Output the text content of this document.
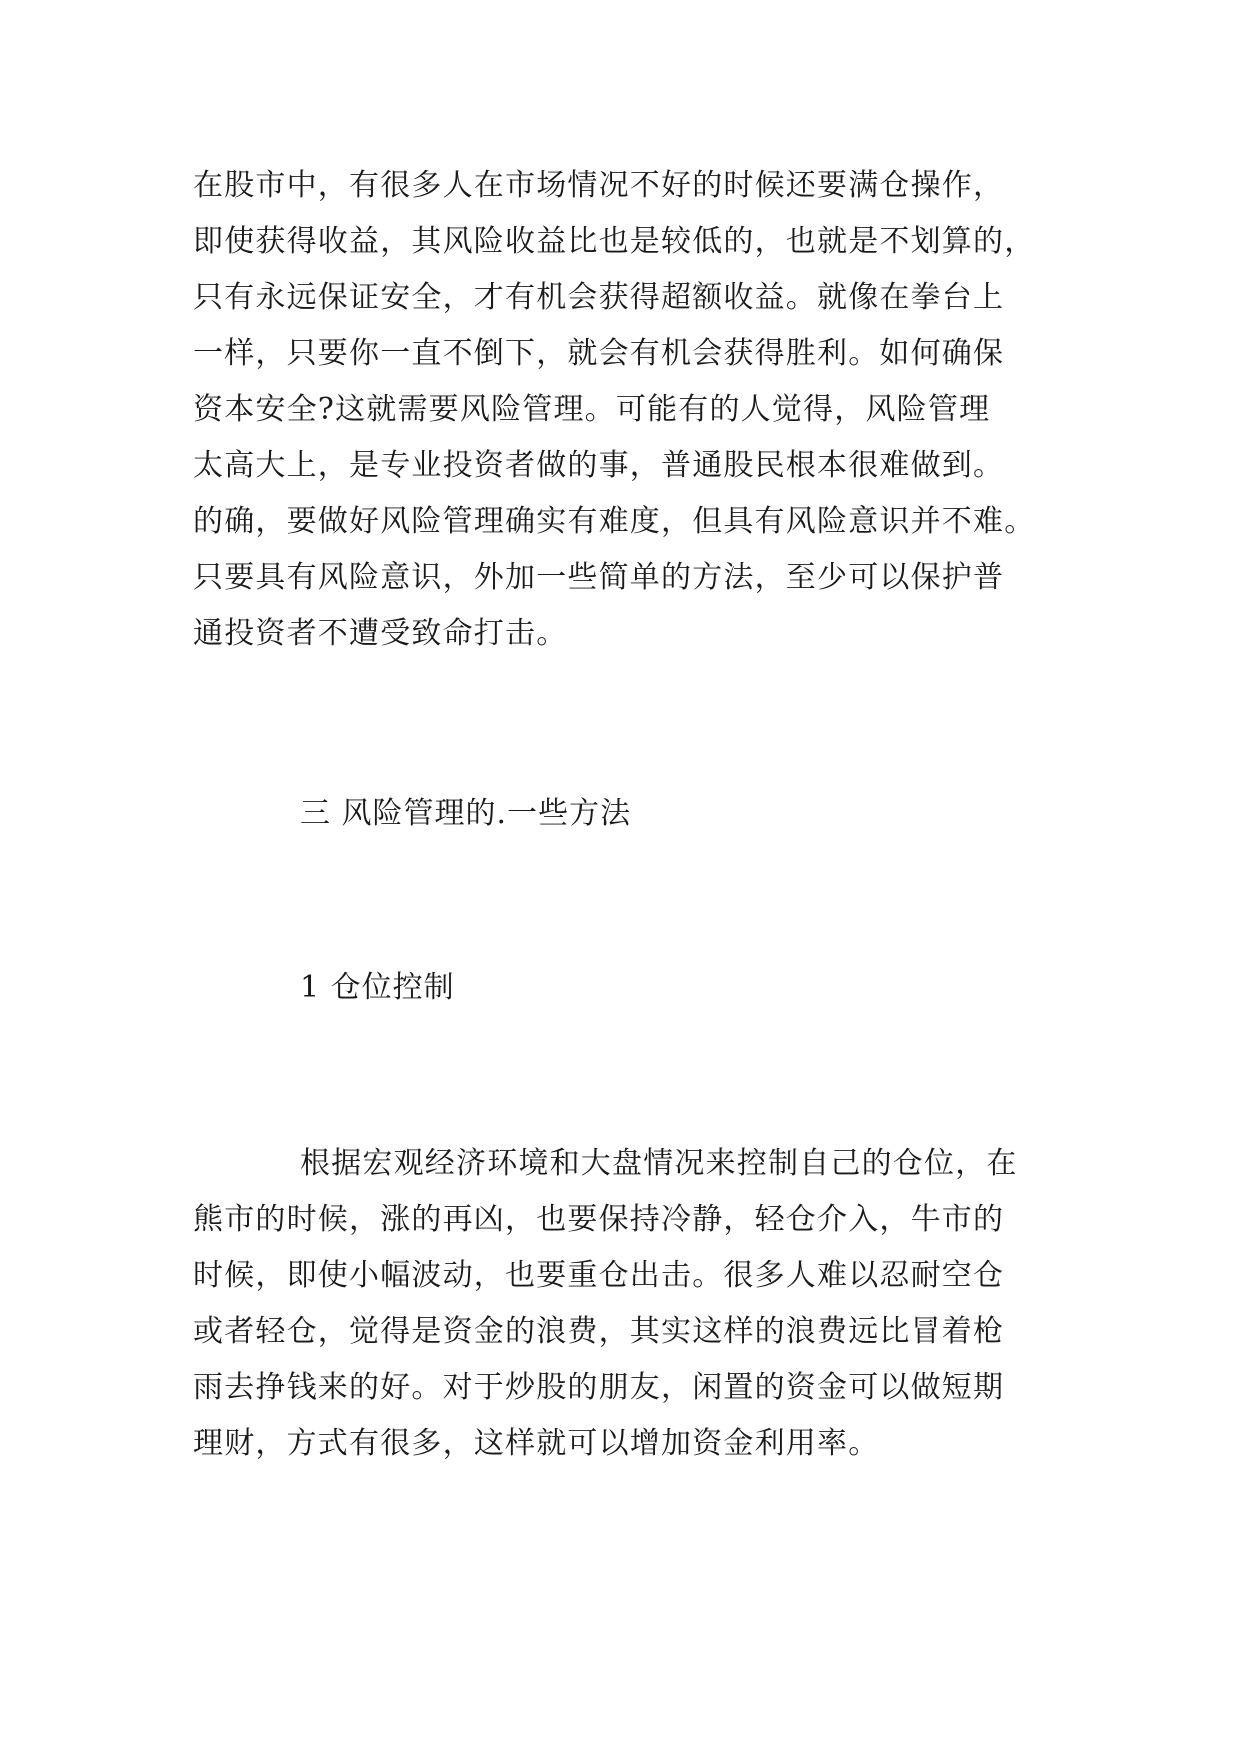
在股市中，有很多人在市场情况不好的时候还要满仓操作，
即使获得收益，其风险收益比也是较低的，也就是不划算的，
只有永远保证安全，才有机会获得超额收益。就像在拳台上
一样，只要你一直不倒下，就会有机会获得胜利。如何确保
资本安全?这就需要风险管理。可能有的人觉得，风险管理
太高大上，是专业投资者做的事，普通股民根本很难做到。
的确，要做好风险管理确实有难度，但具有风险意识并不难。
只要具有风险意识，外加一些简单的方法，至少可以保护普
通投资者不遭受致命打击。
三 风险管理的.一些方法
1 仓位控制
根据宏观经济环境和大盘情况来控制自己的仓位，在
熊市的时候，涨的再凶，也要保持冷静，轻仓介入，牛市的
时候，即使小幅波动，也要重仓出击。很多人难以忍耐空仓
或者轻仓，觉得是资金的浪费，其实这样的浪费远比冒着枪
雨去挣钱来的好。对于炒股的朋友，闲置的资金可以做短期
理财，方式有很多，这样就可以增加资金利用率。
